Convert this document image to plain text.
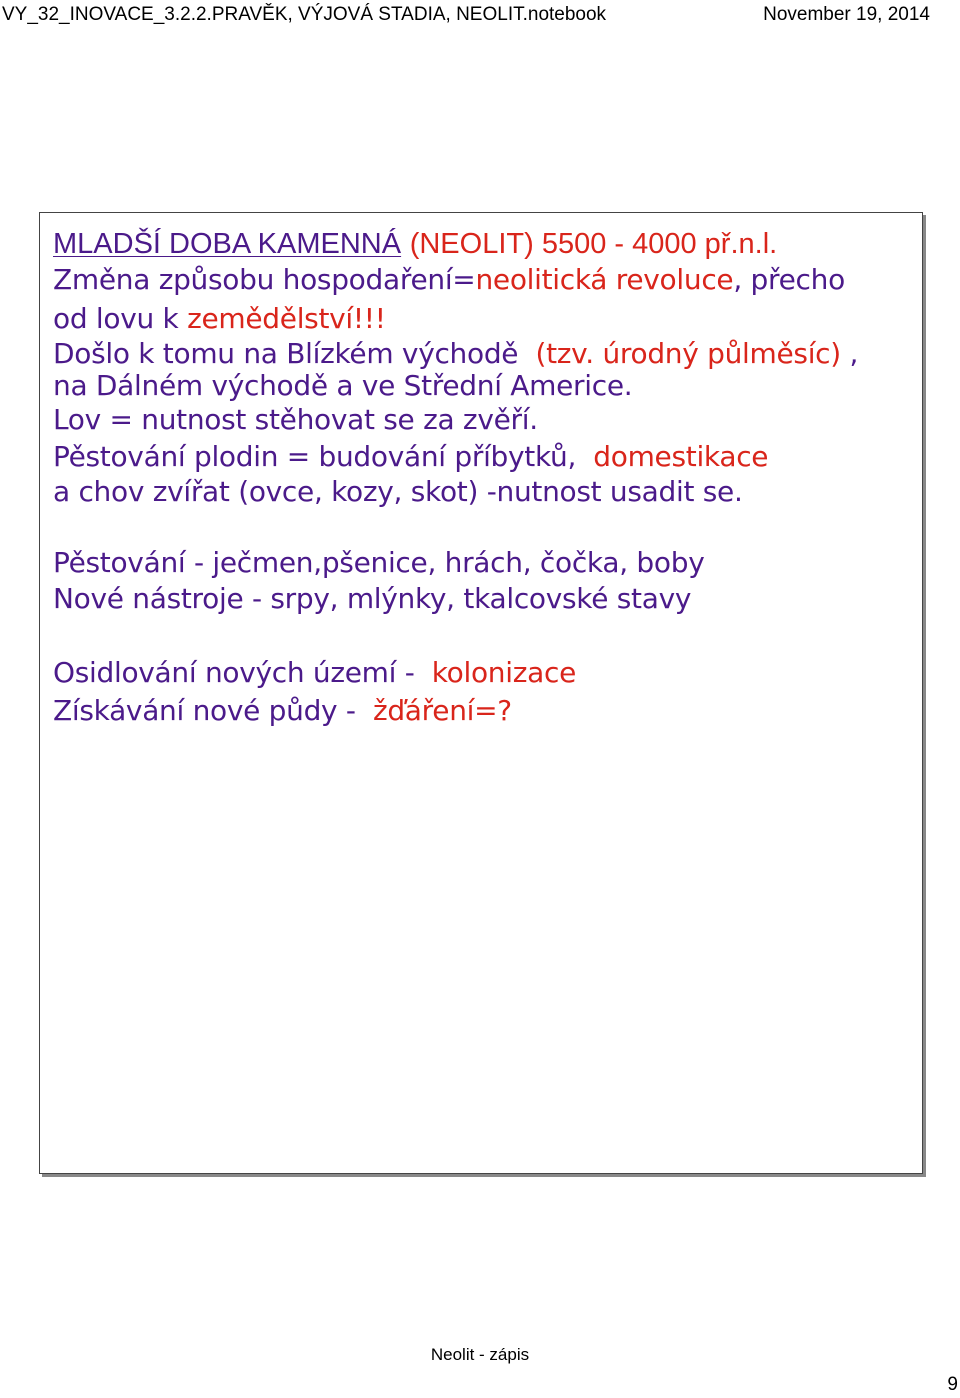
VY_32_INOVACE_3.2.2.PRAVĚK, VÝJOVÁ STADIA, NEOLIT.notebook	November 19, 2014
MLADŠÍ DOBA KAMENNÁ (NEOLIT) 5500 - 4000 př.n.l.
Změna způsobu hospodaření=neolitická revoluce, přecho
od lovu k zemědělství!!!
Došlo k tomu na Blízkém východě (tzv. úrodný půlměsíc) ,
na Dálném východě a ve Střední Americe.
Lov = nutnost stěhovat se za zvěří.
Pěstování plodin = budování příbytků, domestikace
a chov zvířat (ovce, kozy, skot) -nutnost usadit se.
Pěstování - ječmen,pšenice, hrách, čočka, boby
Nové nástroje - srpy, mlýnky, tkalcovské stavy
Osidlování nových území -  kolonizace
Získávání nové půdy -  žďáření=?
Neolit - zápis
9
